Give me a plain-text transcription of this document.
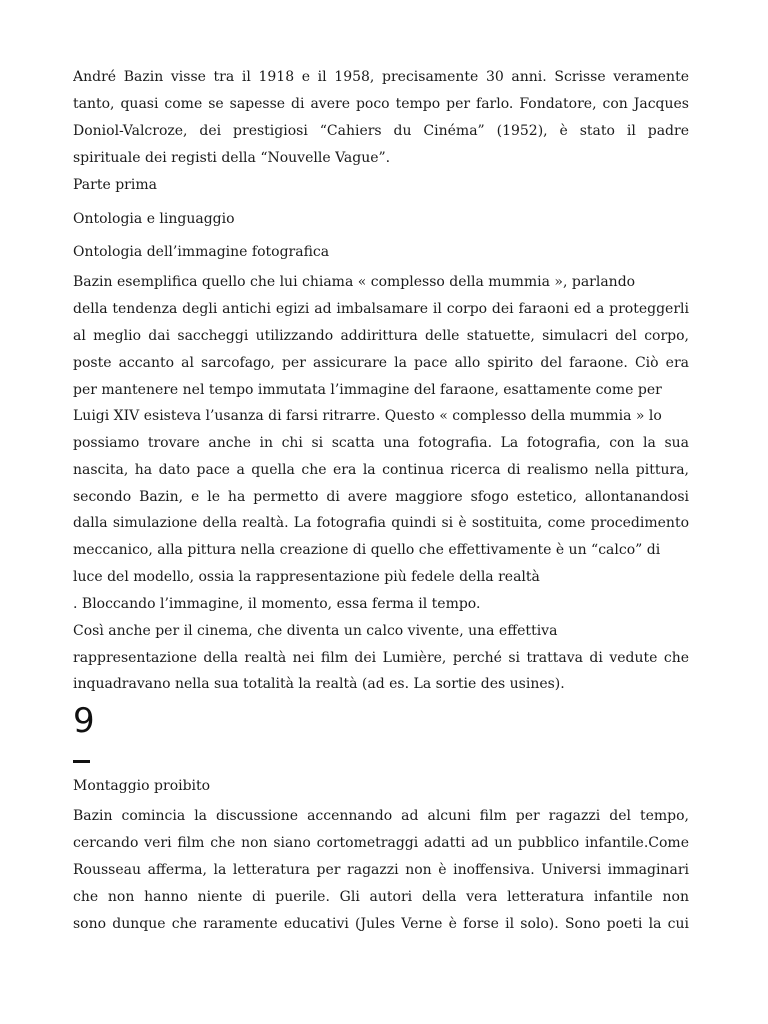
André Bazin visse tra il 1918 e il 1958, precisamente 30 anni. Scrisse veramente
tanto, quasi come se sapesse di avere poco tempo per farlo. Fondatore, con Jacques
Doniol-Valcroze, dei prestigiosi “Cahiers du Cinéma” (1952), è stato il padre
spirituale dei registi della “Nouvelle Vague”.
Parte prima
Ontologia e linguaggio
Ontologia dell’immagine fotografica
Bazin esemplifica quello che lui chiama « complesso della mummia », parlando
della tendenza degli antichi egizi ad imbalsamare il corpo dei faraoni ed a proteggerli
al meglio dai saccheggi utilizzando addirittura delle statuette, simulacri del corpo,
poste accanto al sarcofago, per assicurare la pace allo spirito del faraone. Ciò era
per mantenere nel tempo immutata l’immagine del faraone, esattamente come per
Luigi XIV esisteva l’usanza di farsi ritrarre. Questo « complesso della mummia » lo
possiamo trovare anche in chi si scatta una fotografia. La fotografia, con la sua
nascita, ha dato pace a quella che era la continua ricerca di realismo nella pittura,
secondo Bazin, e le ha permetto di avere maggiore sfogo estetico, allontanandosi
dalla simulazione della realtà. La fotografia quindi si è sostituita, come procedimento
meccanico, alla pittura nella creazione di quello che effettivamente è un “calco” di
luce del modello, ossia la rappresentazione più fedele della realtà
. Bloccando l’immagine, il momento, essa ferma il tempo.
Così anche per il cinema, che diventa un calco vivente, una effettiva
rappresentazione della realtà nei film dei Lumière, perché si trattava di vedute che
inquadravano nella sua totalità la realtà (ad es. La sortie des usines).
9
Montaggio proibito
Bazin comincia la discussione accennando ad alcuni film per ragazzi del tempo,
cercando veri film che non siano cortometraggi adatti ad un pubblico infantile.Come
Rousseau afferma, la letteratura per ragazzi non è inoffensiva. Universi immaginari
che non hanno niente di puerile. Gli autori della vera letteratura infantile non
sono dunque che raramente educativi (Jules Verne è forse il solo). Sono poeti la cui
